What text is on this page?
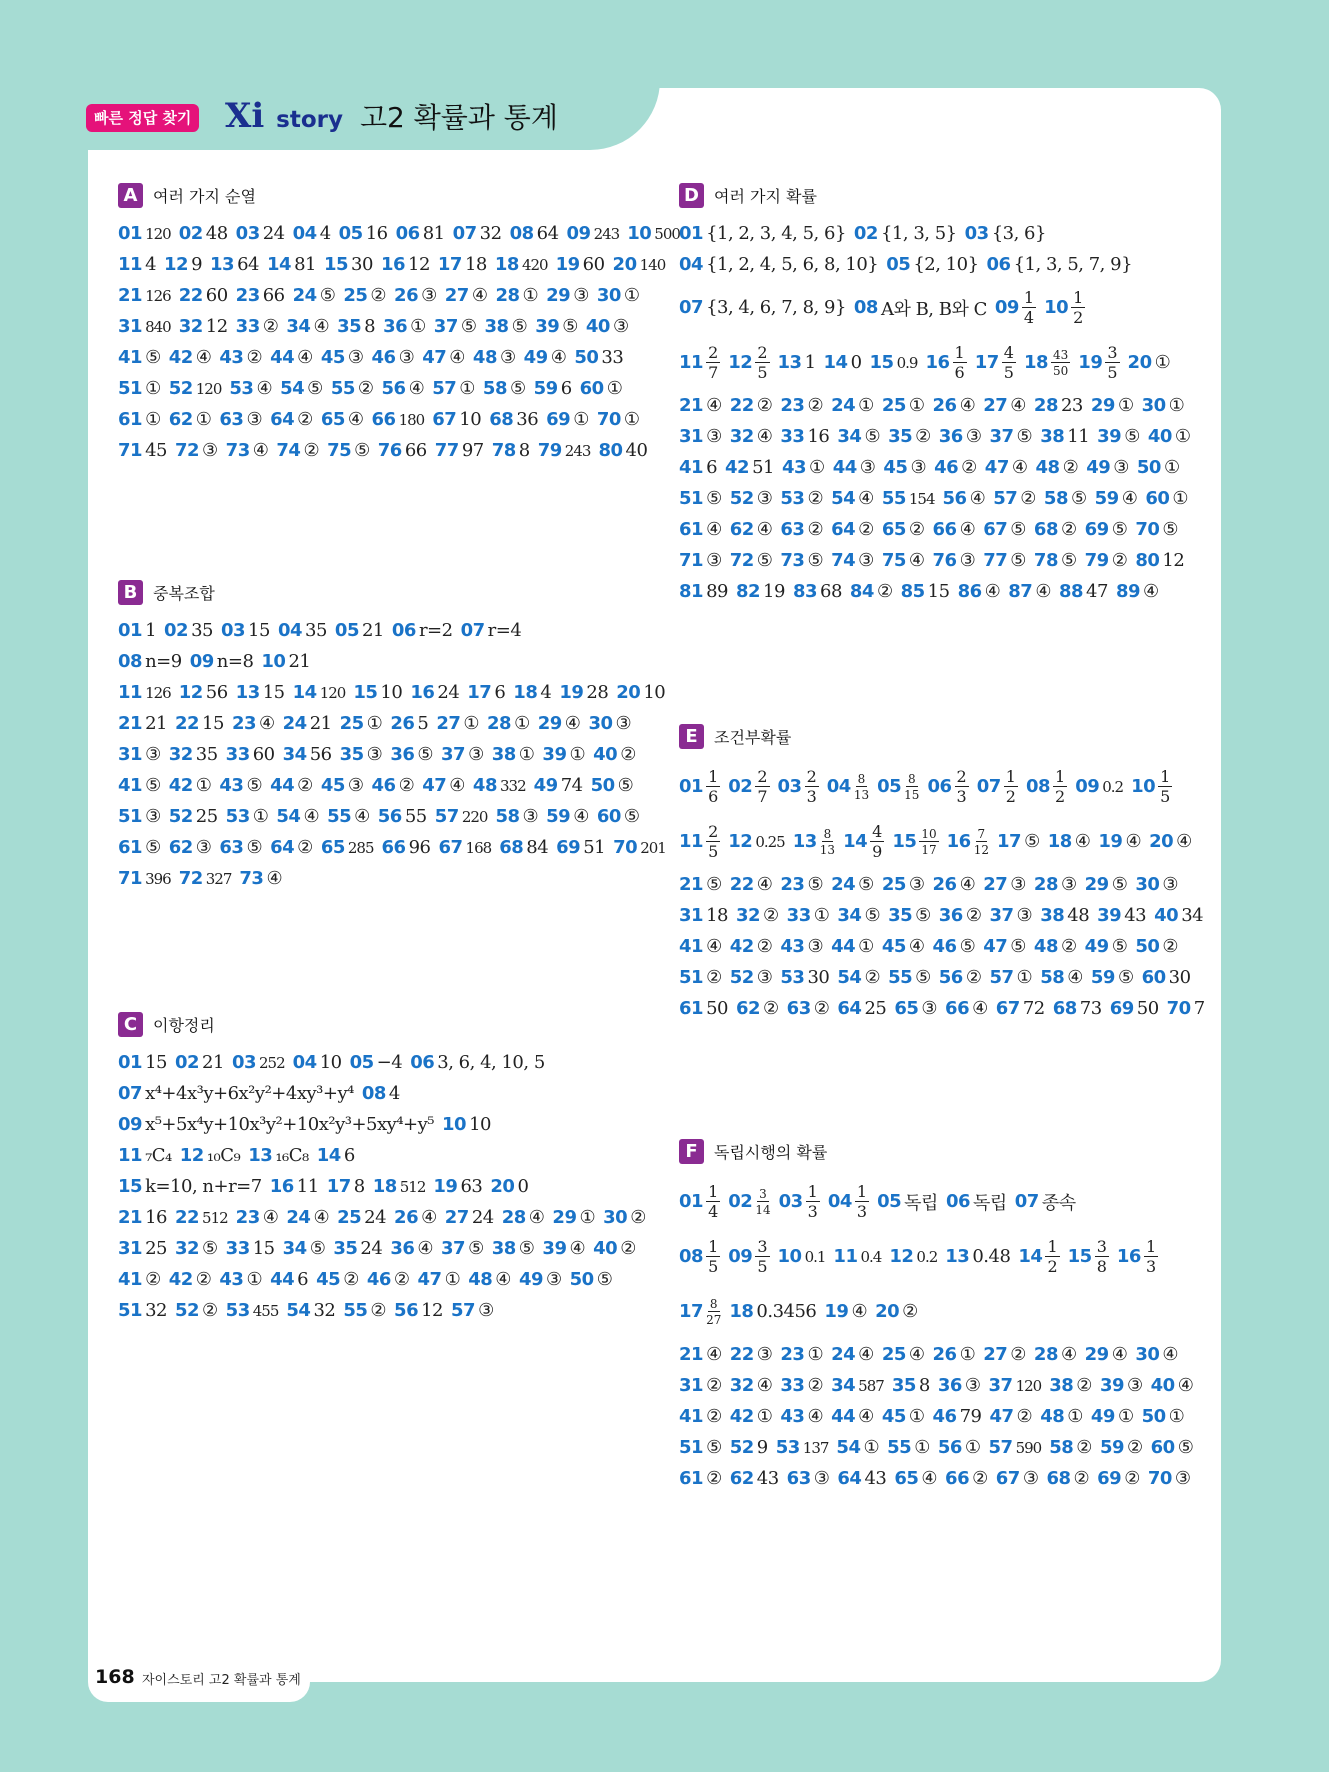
빠른 정답 찾기 Xi story 고2 확률과 통계
A 여러 가지 순열
01 120 02 48 03 24 04 4 05 16 06 81 07 32 08 64 09 243 10 500
11 4 12 9 13 64 14 81 15 30 16 12 17 18 18 420 19 60 20 140
21 126 22 60 23 66 24 ⑤ 25 ② 26 ③ 27 ④ 28 ① 29 ③ 30 ①
31 840 32 12 33 ② 34 ④ 35 8 36 ① 37 ⑤ 38 ⑤ 39 ⑤ 40 ③
41 ⑤ 42 ④ 43 ② 44 ④ 45 ③ 46 ③ 47 ④ 48 ③ 49 ④ 50 33
51 ① 52 120 53 ④ 54 ⑤ 55 ② 56 ④ 57 ① 58 ⑤ 59 6 60 ①
61 ① 62 ① 63 ③ 64 ② 65 ④ 66 180 67 10 68 36 69 ① 70 ①
71 45 72 ③ 73 ④ 74 ② 75 ⑤ 76 66 77 97 78 8 79 243 80 40
B 중복조합
01 1 02 35 03 15 04 35 05 21 06 r=2 07 r=4
08 n=9 09 n=8 10 21
11 126 12 56 13 15 14 120 15 10 16 24 17 6 18 4 19 28 20 10
21 21 22 15 23 ④ 24 21 25 ① 26 5 27 ① 28 ① 29 ④ 30 ③
31 ③ 32 35 33 60 34 56 35 ③ 36 ⑤ 37 ③ 38 ① 39 ① 40 ②
41 ⑤ 42 ① 43 ⑤ 44 ② 45 ③ 46 ② 47 ④ 48 332 49 74 50 ⑤
51 ③ 52 25 53 ① 54 ④ 55 ④ 56 55 57 220 58 ③ 59 ④ 60 ⑤
61 ⑤ 62 ③ 63 ⑤ 64 ② 65 285 66 96 67 168 68 84 69 51 70 201
71 396 72 327 73 ④
C 이항정리
01 15 02 21 03 252 04 10 05 −4 06 3, 6, 4, 10, 5
07 x⁴+4x³y+6x²y²+4xy³+y⁴ 08 4
09 x⁵+5x⁴y+10x³y²+10x²y³+5xy⁴+y⁵ 10 10
11 ₇C₄ 12 ₁₀C₉ 13 ₁₆C₈ 14 6
15 k=10, n+r=7 16 11 17 8 18 512 19 63 20 0
21 16 22 512 23 ④ 24 ④ 25 24 26 ④ 27 24 28 ④ 29 ① 30 ②
31 25 32 ⑤ 33 15 34 ⑤ 35 24 36 ④ 37 ⑤ 38 ⑤ 39 ④ 40 ②
41 ② 42 ② 43 ① 44 6 45 ② 46 ② 47 ① 48 ④ 49 ③ 50 ⑤
51 32 52 ② 53 455 54 32 55 ② 56 12 57 ③
D 여러 가지 확률
01 {1, 2, 3, 4, 5, 6} 02 {1, 3, 5} 03 {3, 6}
04 {1, 2, 4, 5, 6, 8, 10} 05 {2, 10} 06 {1, 3, 5, 7, 9}
07 {3, 4, 6, 7, 8, 9} 08 A와 B, B와 C $09 \frac{1}{4} 10 \frac{1}{2}$
$11 \frac{2}{7} 12 \frac{2}{5} 13$ 1 14 0 15 0.9 $16 \frac{1}{6} 17 \frac{4}{5} 18 \frac{43}{50} 19 \frac{3}{5} 20$ ①
21 ④ 22 ② 23 ② 24 ① 25 ① 26 ④ 27 ④ 28 23 29 ① 30 ①
31 ③ 32 ④ 33 16 34 ⑤ 35 ② 36 ③ 37 ⑤ 38 11 39 ⑤ 40 ①
41 6 42 51 43 ① 44 ③ 45 ③ 46 ② 47 ④ 48 ② 49 ③ 50 ①
51 ⑤ 52 ③ 53 ② 54 ④ 55 154 56 ④ 57 ② 58 ⑤ 59 ④ 60 ①
61 ④ 62 ④ 63 ② 64 ② 65 ② 66 ④ 67 ⑤ 68 ② 69 ⑤ 70 ⑤
71 ③ 72 ⑤ 73 ⑤ 74 ③ 75 ④ 76 ③ 77 ⑤ 78 ⑤ 79 ② 80 12
81 89 82 19 83 68 84 ② 85 15 86 ④ 87 ④ 88 47 89 ④
E	조건부확률
$01 \frac{1}{6} 02 \frac{2}{7} 03 \frac{2}{3} 04 \frac{8}{13} 05 \frac{8}{15} 06 \frac{2}{3} 07 \frac{1}{2} 08 \frac{1}{2} 09$ 0.2 $10 \frac{1}{5}$
$11 \frac{2}{5} 12$ 0.25 $13 \frac{8}{13} 14 \frac{4}{9} 15 \frac{10}{17} 16 \frac{7}{12} 17$ ⑤ 18 ④ 19 ④ 20 ④
21 ⑤ 22 ④ 23 ⑤ 24 ⑤ 25 ③ 26 ④ 27 ③ 28 ③ 29 ⑤ 30 ③
31 18 32 ② 33 ① 34 ⑤ 35 ⑤ 36 ② 37 ③ 38 48 39 43 40 34
41 ④ 42 ② 43 ③ 44 ① 45 ④ 46 ⑤ 47 ⑤ 48 ② 49 ⑤ 50 ②
51 ② 52 ③ 53 30 54 ② 55 ⑤ 56 ② 57 ① 58 ④ 59 ⑤ 60 30
61 50 62 ② 63 ② 64 25 65 ③ 66 ④ 67 72 68 73 69 50 70 7
F	독립시행의 확률
$01 \frac{1}{4} 02 \frac{3}{14} 03 \frac{1}{3} 04 \frac{1}{3} 05$ 독립 06 독립 07 종속
$08 \frac{1}{5} 09 \frac{3}{5} 10$ 0.1 11 0.4 12 0.2 13 0.48 $14 \frac{1}{2} 15 \frac{3}{8} 16 \frac{1}{3}$
$17 \frac{8}{27} 18$ 0.3456 19 ④ 20 ②
21 ④ 22 ③ 23 ① 24 ④ 25 ④ 26 ① 27 ② 28 ④ 29 ④ 30 ④
31 ② 32 ④ 33 ② 34 587 35 8 36 ③ 37 120 38 ② 39 ③ 40 ④
41 ② 42 ① 43 ④ 44 ④ 45 ① 46 79 47 ② 48 ① 49 ① 50 ①
51 ⑤ 52 9 53 137 54 ① 55 ① 56 ① 57 590 58 ② 59 ② 60 ⑤
61 ② 62 43 63 ③ 64 43 65 ④ 66 ② 67 ③ 68 ② 69 ② 70 ③
168 자이스토리 고2 확률과 통계
